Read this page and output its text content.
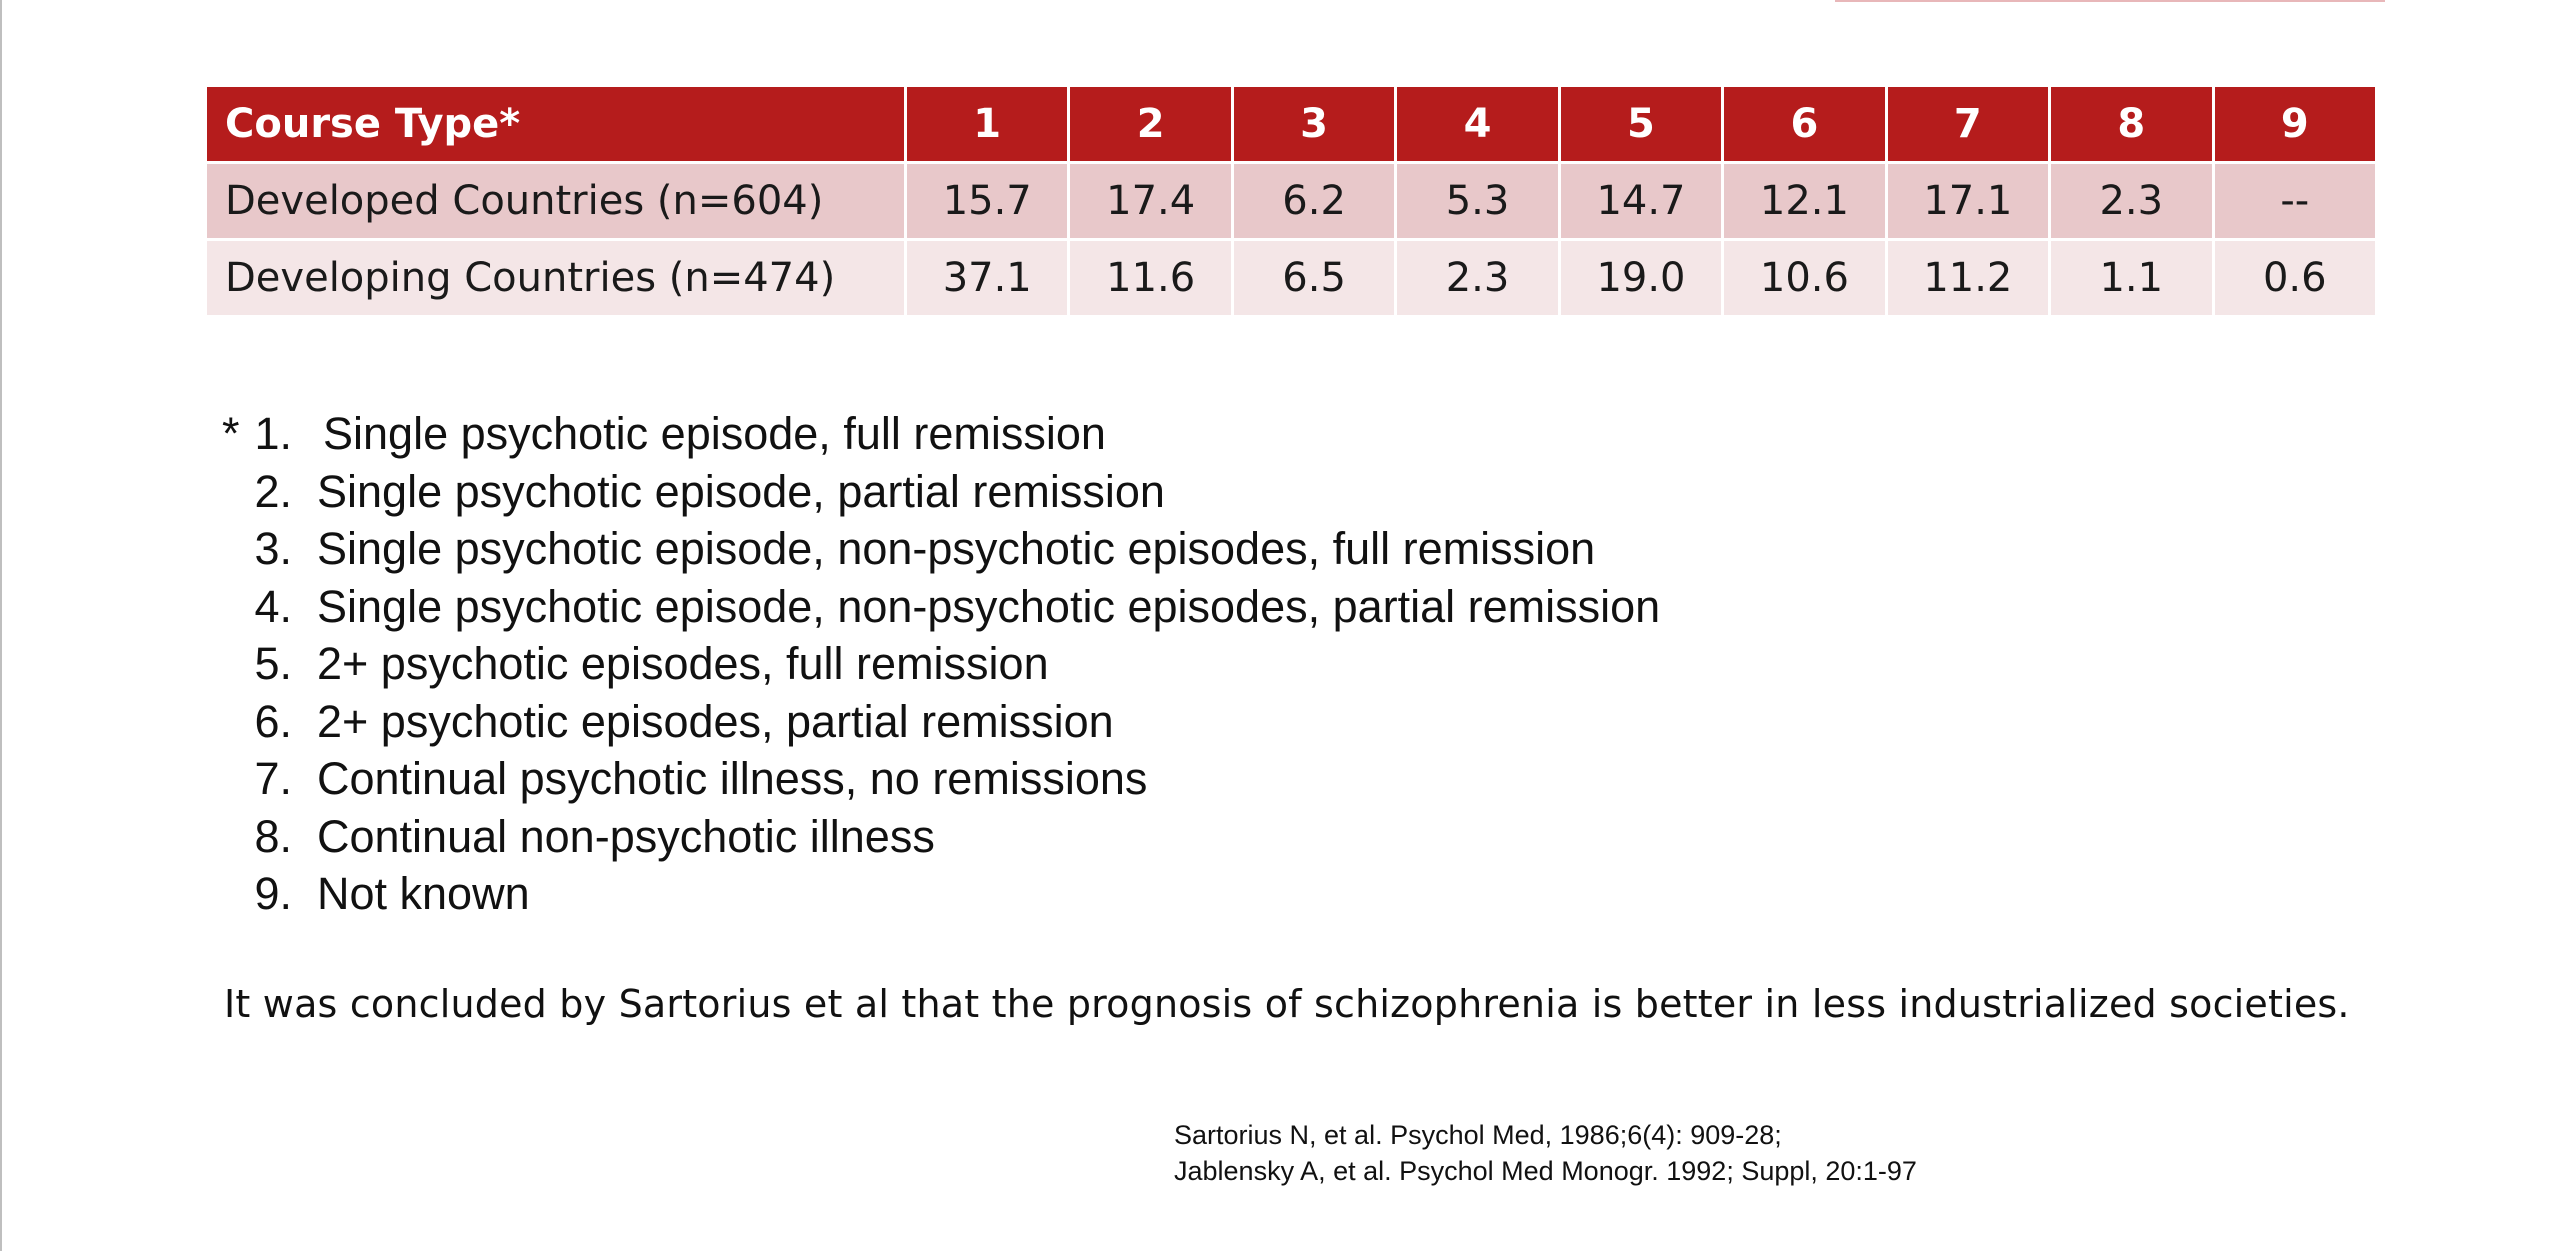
Course Type*	1	2	3	4	5	6	7	8	9
Developed Countries (n=604)	15.7	17.4	6.2	5.3	14.7	12.1	17.1	2.3	--
Developing Countries (n=474)	37.1	11.6	6.5	2.3	19.0	10.6	11.2	1.1	0.6
* 1. Single psychotic episode, full remission
2. Single psychotic episode, partial remission
3. Single psychotic episode, non-psychotic episodes, full remission
4. Single psychotic episode, non-psychotic episodes, partial remission
5. 2+ psychotic episodes, full remission
6. 2+ psychotic episodes, partial remission
7. Continual psychotic illness, no remissions
8. Continual non-psychotic illness
9. Not known
It was concluded by Sartorius et al that the prognosis of schizophrenia is better in less industrialized societies.
Sartorius N, et al. Psychol Med, 1986;6(4): 909-28;
Jablensky A, et al. Psychol Med Monogr. 1992; Suppl, 20:1-97
